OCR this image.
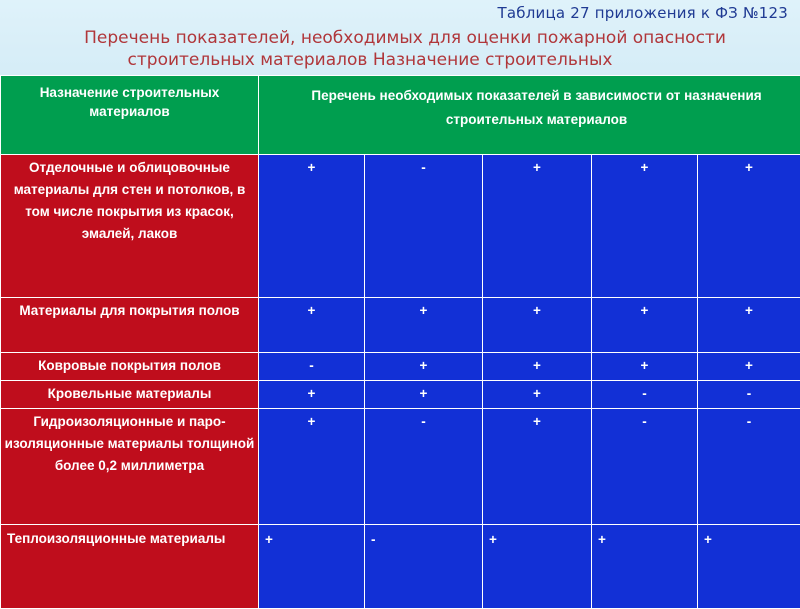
Таблица 27 приложения к ФЗ №123
Перечень показателей, необходимых для оценки пожарной опасности
строительных материалов Назначение строительных
Назначение строительных материалов	Перечень необходимых показателей в зависимости от назначения строительных материалов				
Отделочные и облицовочные материалы для стен и потолков, в том числе покрытия из красок, эмалей, лаков	+	-	+	+	+
Материалы для покрытия полов	+	+	+	+	+
Ковровые покрытия полов	-	+	+	+	+
Кровельные материалы	+	+	+	-	-
Гидроизоляционные и паро-изоляционные материалы толщиной более 0,2 миллиметра	+	-	+	-	-
Теплоизоляционные материалы	+	-	+	+	+
